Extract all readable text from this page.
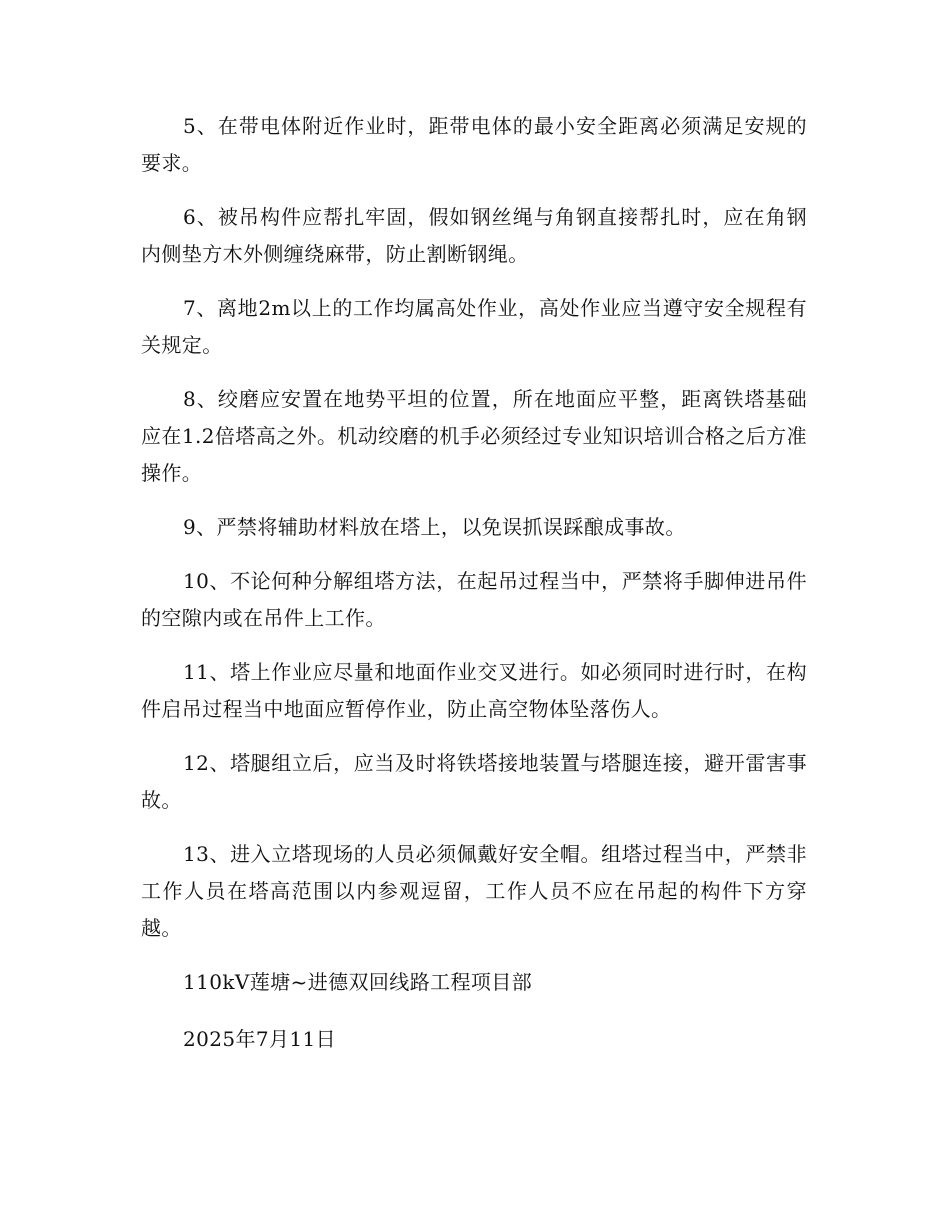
5、在带电体附近作业时，距带电体的最小安全距离必须满足安规的要求。

6、被吊构件应帮扎牢固，假如钢丝绳与角钢直接帮扎时，应在角钢内侧垫方木外侧缠绕麻带，防止割断钢绳。

7、离地2m以上的工作均属高处作业，高处作业应当遵守安全规程有关规定。

8、绞磨应安置在地势平坦的位置，所在地面应平整，距离铁塔基础应在1.2倍塔高之外。机动绞磨的机手必须经过专业知识培训合格之后方准操作。

9、严禁将辅助材料放在塔上，以免误抓误踩酿成事故。

10、不论何种分解组塔方法，在起吊过程当中，严禁将手脚伸进吊件的空隙内或在吊件上工作。

11、塔上作业应尽量和地面作业交叉进行。如必须同时进行时，在构件启吊过程当中地面应暂停作业，防止高空物体坠落伤人。

12、塔腿组立后，应当及时将铁塔接地装置与塔腿连接，避开雷害事故。

13、进入立塔现场的人员必须佩戴好安全帽。组塔过程当中，严禁非工作人员在塔高范围以内参观逗留，工作人员不应在吊起的构件下方穿越。

110kV莲塘~进德双回线路工程项目部

2025年7月11日
